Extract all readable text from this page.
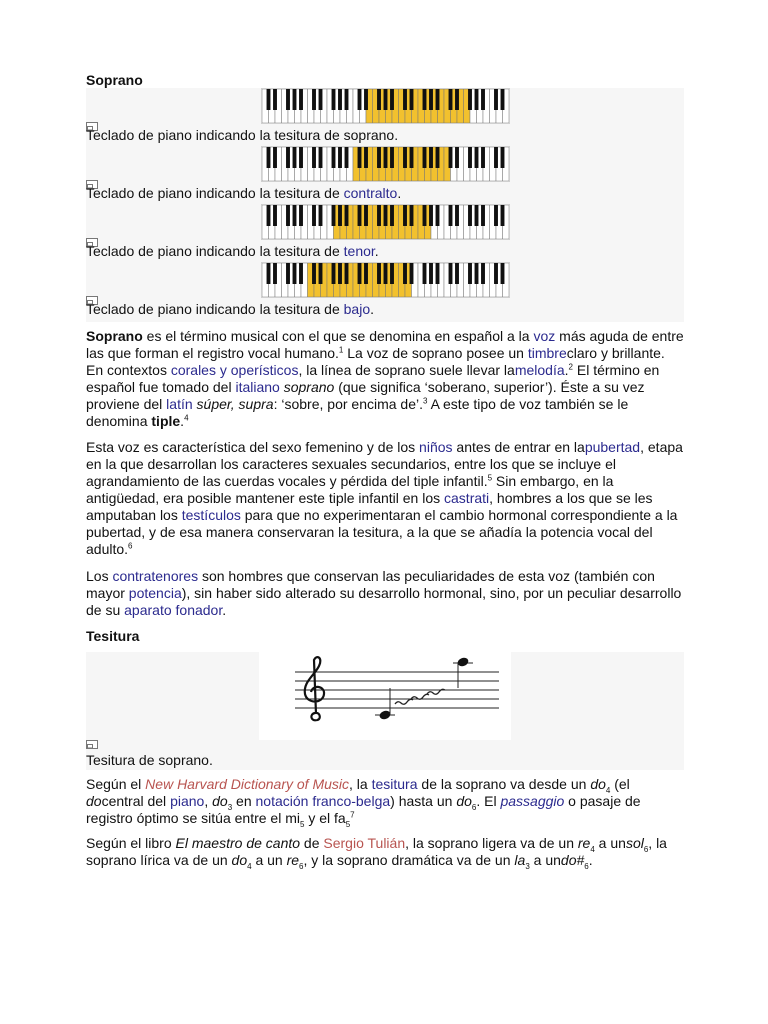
Soprano
Teclado de piano indicando la tesitura de soprano.
Teclado de piano indicando la tesitura de contralto.
Teclado de piano indicando la tesitura de tenor.
Teclado de piano indicando la tesitura de bajo.

Soprano es el término musical con el que se denomina en español a la voz más aguda de entre las que forman el registro vocal humano.$^1$ La voz de soprano posee un timbreclaro y brillante. En contextos corales y operísticos, la línea de soprano suele llevar lamelodía.$^2$ El término en español fue tomado del italiano soprano (que significa ‘soberano, superior’). Éste a su vez proviene del latín súper, supra: ‘sobre, por encima de’.$^3$ A este tipo de voz también se le denomina tiple.$^4$

Esta voz es característica del sexo femenino y de los niños antes de entrar en lapubertad, etapa en la que desarrollan los caracteres sexuales secundarios, entre los que se incluye el agrandamiento de las cuerdas vocales y pérdida del tiple infantil.$^5$ Sin embargo, en la antigüedad, era posible mantener este tiple infantil en los castrati, hombres a los que se les amputaban los testículos para que no experimentaran el cambio hormonal correspondiente a la pubertad, y de esa manera conservaran la tesitura, a la que se añadía la potencia vocal del adulto.$^6$

Los contratenores son hombres que conservan las peculiaridades de esta voz (también con mayor potencia), sin haber sido alterado su desarrollo hormonal, sino, por un peculiar desarrollo de su aparato fonador.

Tesitura
Tesitura de soprano.

Según el New Harvard Dictionary of Music, la tesitura de la soprano va desde un $do_4$ (el docentral del piano, $do_3$ en notación franco-belga) hasta un $do_6$. El passaggio o pasaje de registro óptimo se sitúa entre el $mi_5$ y el $fa_5^7$

Según el libro El maestro de canto de Sergio Tulián, la soprano ligera va de un $re_4$ a unsol$_6$, la soprano lírica va de un $do_4$ a un $re_6$, y la soprano dramática va de un $la_3$ a $undo\#_6$.
